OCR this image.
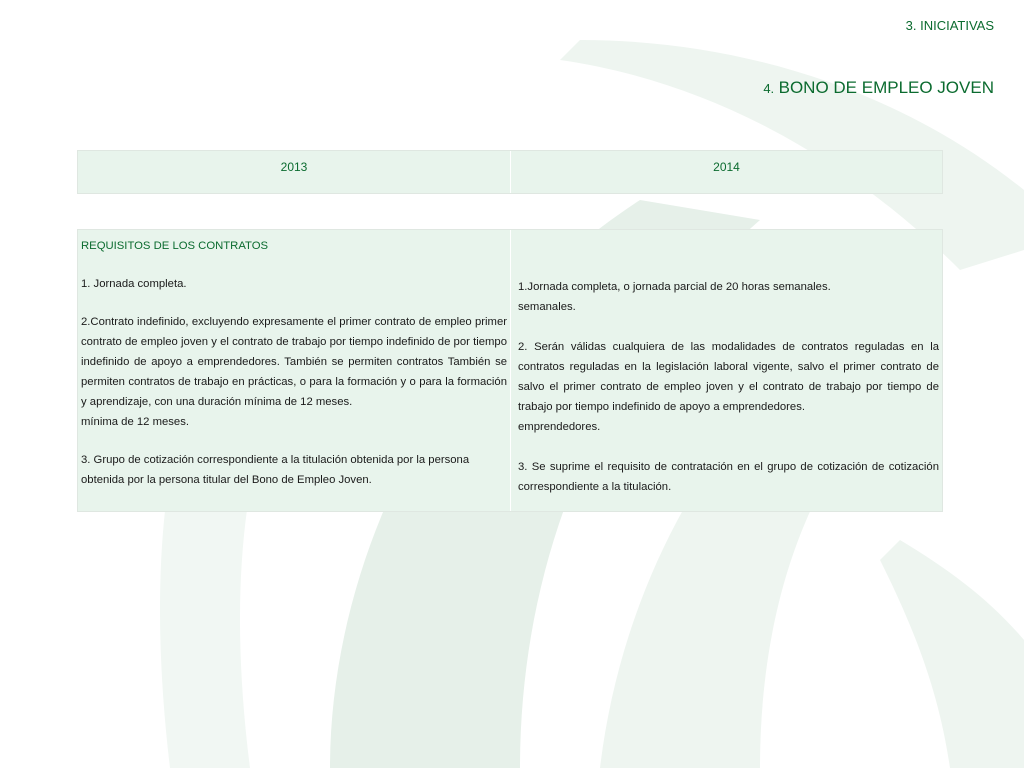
3. INICIATIVAS
4. BONO DE EMPLEO JOVEN
2013	2014

REQUISITOS DE LOS CONTRATOS

1. Jornada completa.

2.Contrato indefinido, excluyendo expresamente el primer contrato de empleo primer contrato de empleo joven y el contrato de trabajo por tiempo indefinido de por tiempo indefinido de apoyo a emprendedores. También se permiten contratos También se permiten contratos de trabajo en prácticas, o para la formación y o para la formación y aprendizaje, con una duración mínima de 12 meses.

mínima de 12 meses.

3. Grupo de cotización correspondiente a la titulación obtenida por la persona obtenida por la persona titular del Bono de Empleo Joven.

1.Jornada completa, o jornada parcial de 20 horas semanales.

semanales.

2. Serán válidas cualquiera de las modalidades de contratos reguladas en la contratos reguladas en la legislación laboral vigente, salvo el primer contrato de salvo el primer contrato de empleo joven y el contrato de trabajo por tiempo de trabajo por tiempo indefinido de apoyo a emprendedores.

emprendedores.

3. Se suprime el requisito de contratación en el grupo de cotización de cotización correspondiente a la titulación.
